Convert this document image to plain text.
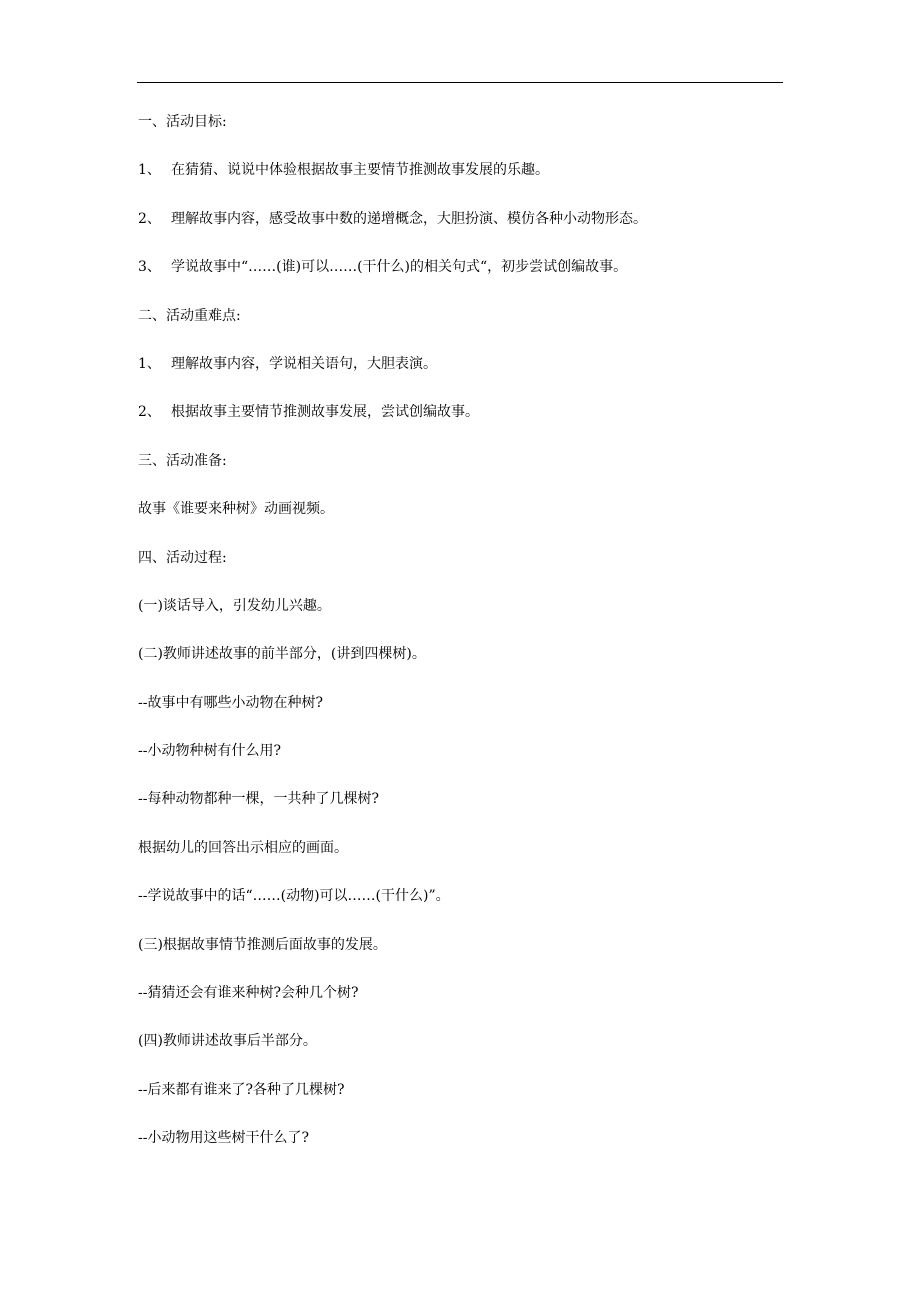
一、活动目标:
1、 在猜猜、说说中体验根据故事主要情节推测故事发展的乐趣。
2、 理解故事内容，感受故事中数的递增概念，大胆扮演、模仿各种小动物形态。
3、 学说故事中“……(谁)可以……(干什么)的相关句式“，初步尝试创编故事。
二、活动重难点:
1、 理解故事内容，学说相关语句，大胆表演。
2、 根据故事主要情节推测故事发展，尝试创编故事。
三、活动准备:
故事《谁要来种树》动画视频。
四、活动过程:
(一)谈话导入，引发幼儿兴趣。
(二)教师讲述故事的前半部分，(讲到四棵树)。
--故事中有哪些小动物在种树?
--小动物种树有什么用?
--每种动物都种一棵，一共种了几棵树?
根据幼儿的回答出示相应的画面。
--学说故事中的话“……(动物)可以……(干什么)”。
(三)根据故事情节推测后面故事的发展。
--猜猜还会有谁来种树?会种几个树?
(四)教师讲述故事后半部分。
--后来都有谁来了?各种了几棵树?
--小动物用这些树干什么了?
